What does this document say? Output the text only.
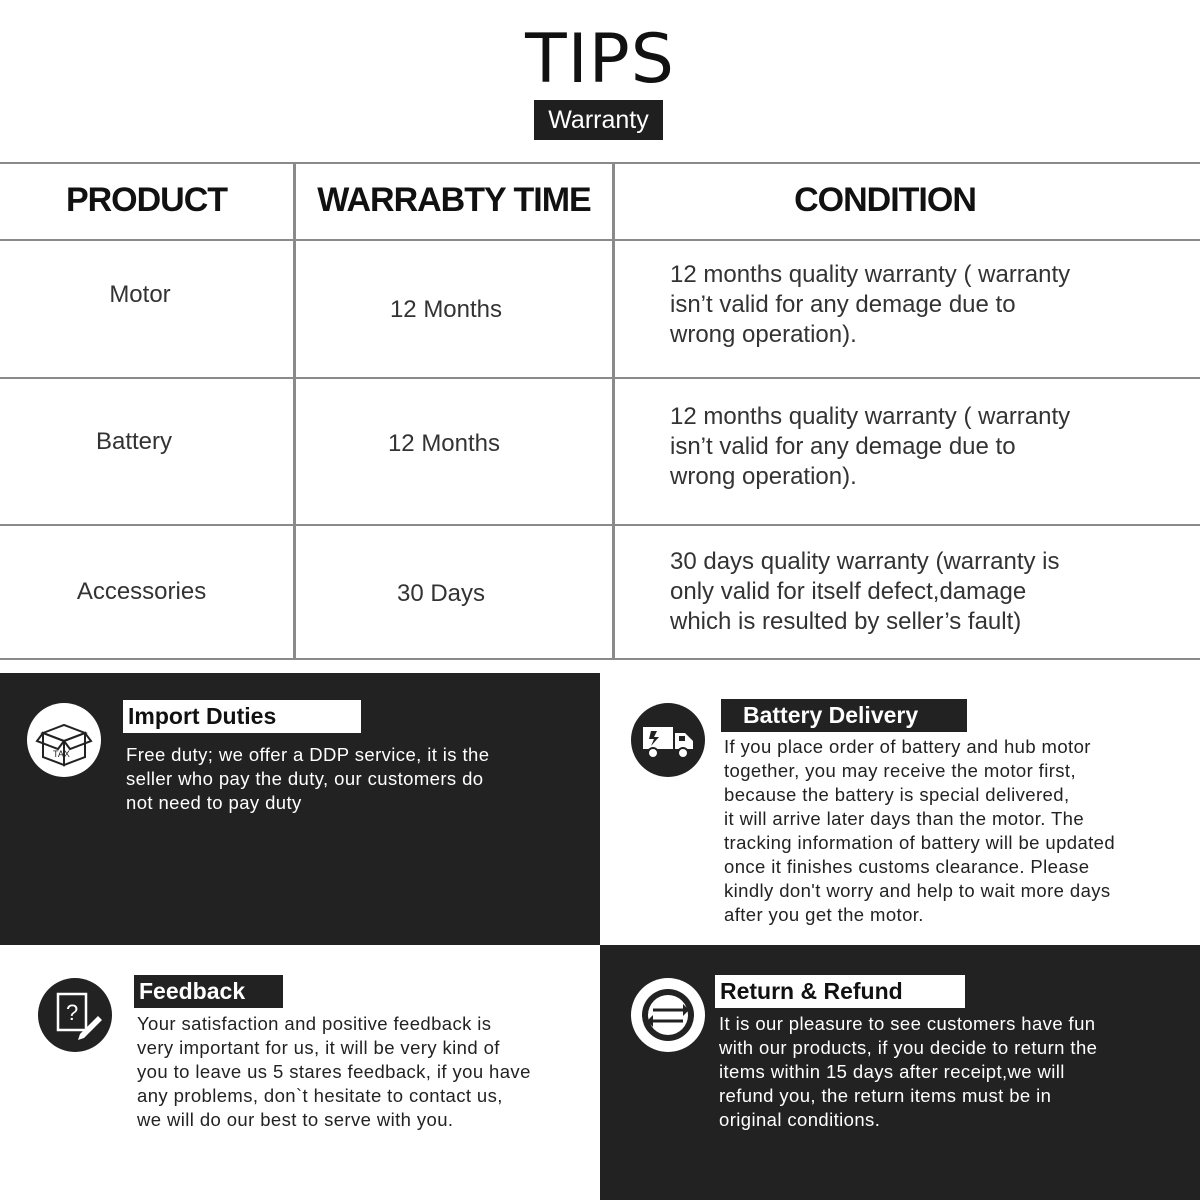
TIPS
Warranty
PRODUCT	WARRABTY TIME	CONDITION
Motor
12 Months
12 months quality warranty ( warranty
isn’t valid for any demage due to
wrong operation).
Battery	12 Months
12 months quality warranty ( warranty
isn’t valid for any demage due to
wrong operation).
Accessories	30 Days
30 days quality warranty (warranty is
only valid for itself defect,damage
which is resulted by seller’s fault)
TAX
Import Duties
Free duty; we offer a DDP service, it is the
seller who pay the duty, our customers do
not need to pay duty
Battery Delivery
If you place order of battery and hub motor
together, you may receive the motor first,
because the battery is special delivered,
it will arrive later days than the motor. The
tracking information of battery will be updated
once it finishes customs clearance. Please
kindly don't worry and help to wait more days
after you get the motor.
?
Feedback
Your satisfaction and positive feedback is
very important for us, it will be very kind of
you to leave us 5 stares feedback, if you have
any problems, don`t hesitate to contact us,
we will do our best to serve with you.
Return & Refund
It is our pleasure to see customers have fun
with our products, if you decide to return the
items within 15 days after receipt,we will
refund you, the return items must be in
original conditions.
